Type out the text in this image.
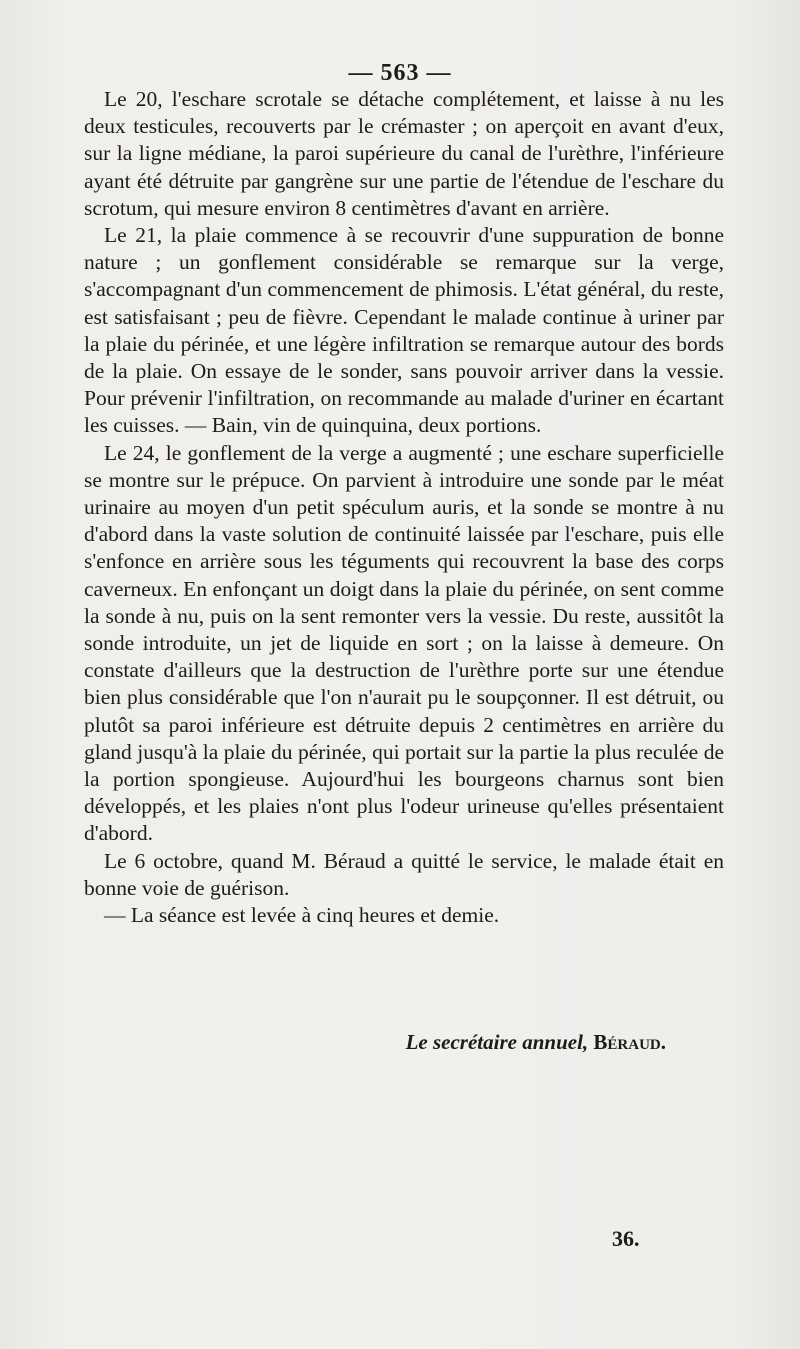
— 563 —

Le 20, l'eschare scrotale se détache complétement, et laisse à nu les deux testicules, recouverts par le crémaster ; on aperçoit en avant d'eux, sur la ligne médiane, la paroi supérieure du canal de l'urèthre, l'inférieure ayant été détruite par gangrène sur une partie de l'étendue de l'eschare du scrotum, qui mesure environ 8 centimètres d'avant en arrière.

Le 21, la plaie commence à se recouvrir d'une suppuration de bonne nature ; un gonflement considérable se remarque sur la verge, s'accompagnant d'un commencement de phimosis. L'état général, du reste, est satisfaisant ; peu de fièvre. Cependant le malade continue à uriner par la plaie du périnée, et une légère infiltration se remarque autour des bords de la plaie. On essaye de le sonder, sans pouvoir arriver dans la vessie. Pour prévenir l'infiltration, on recommande au malade d'uriner en écartant les cuisses. — Bain, vin de quinquina, deux portions.

Le 24, le gonflement de la verge a augmenté ; une eschare superficielle se montre sur le prépuce. On parvient à introduire une sonde par le méat urinaire au moyen d'un petit spéculum auris, et la sonde se montre à nu d'abord dans la vaste solution de continuité laissée par l'eschare, puis elle s'enfonce en arrière sous les téguments qui recouvrent la base des corps caverneux. En enfonçant un doigt dans la plaie du périnée, on sent comme la sonde à nu, puis on la sent remonter vers la vessie. Du reste, aussitôt la sonde introduite, un jet de liquide en sort ; on la laisse à demeure. On constate d'ailleurs que la destruction de l'urèthre porte sur une étendue bien plus considérable que l'on n'aurait pu le soupçonner. Il est détruit, ou plutôt sa paroi inférieure est détruite depuis 2 centimètres en arrière du gland jusqu'à la plaie du périnée, qui portait sur la partie la plus reculée de la portion spongieuse. Aujourd'hui les bourgeons charnus sont bien développés, et les plaies n'ont plus l'odeur urineuse qu'elles présentaient d'abord.

Le 6 octobre, quand M. Béraud a quitté le service, le malade était en bonne voie de guérison.

— La séance est levée à cinq heures et demie.

Le secrétaire annuel, Béraud.
36.
